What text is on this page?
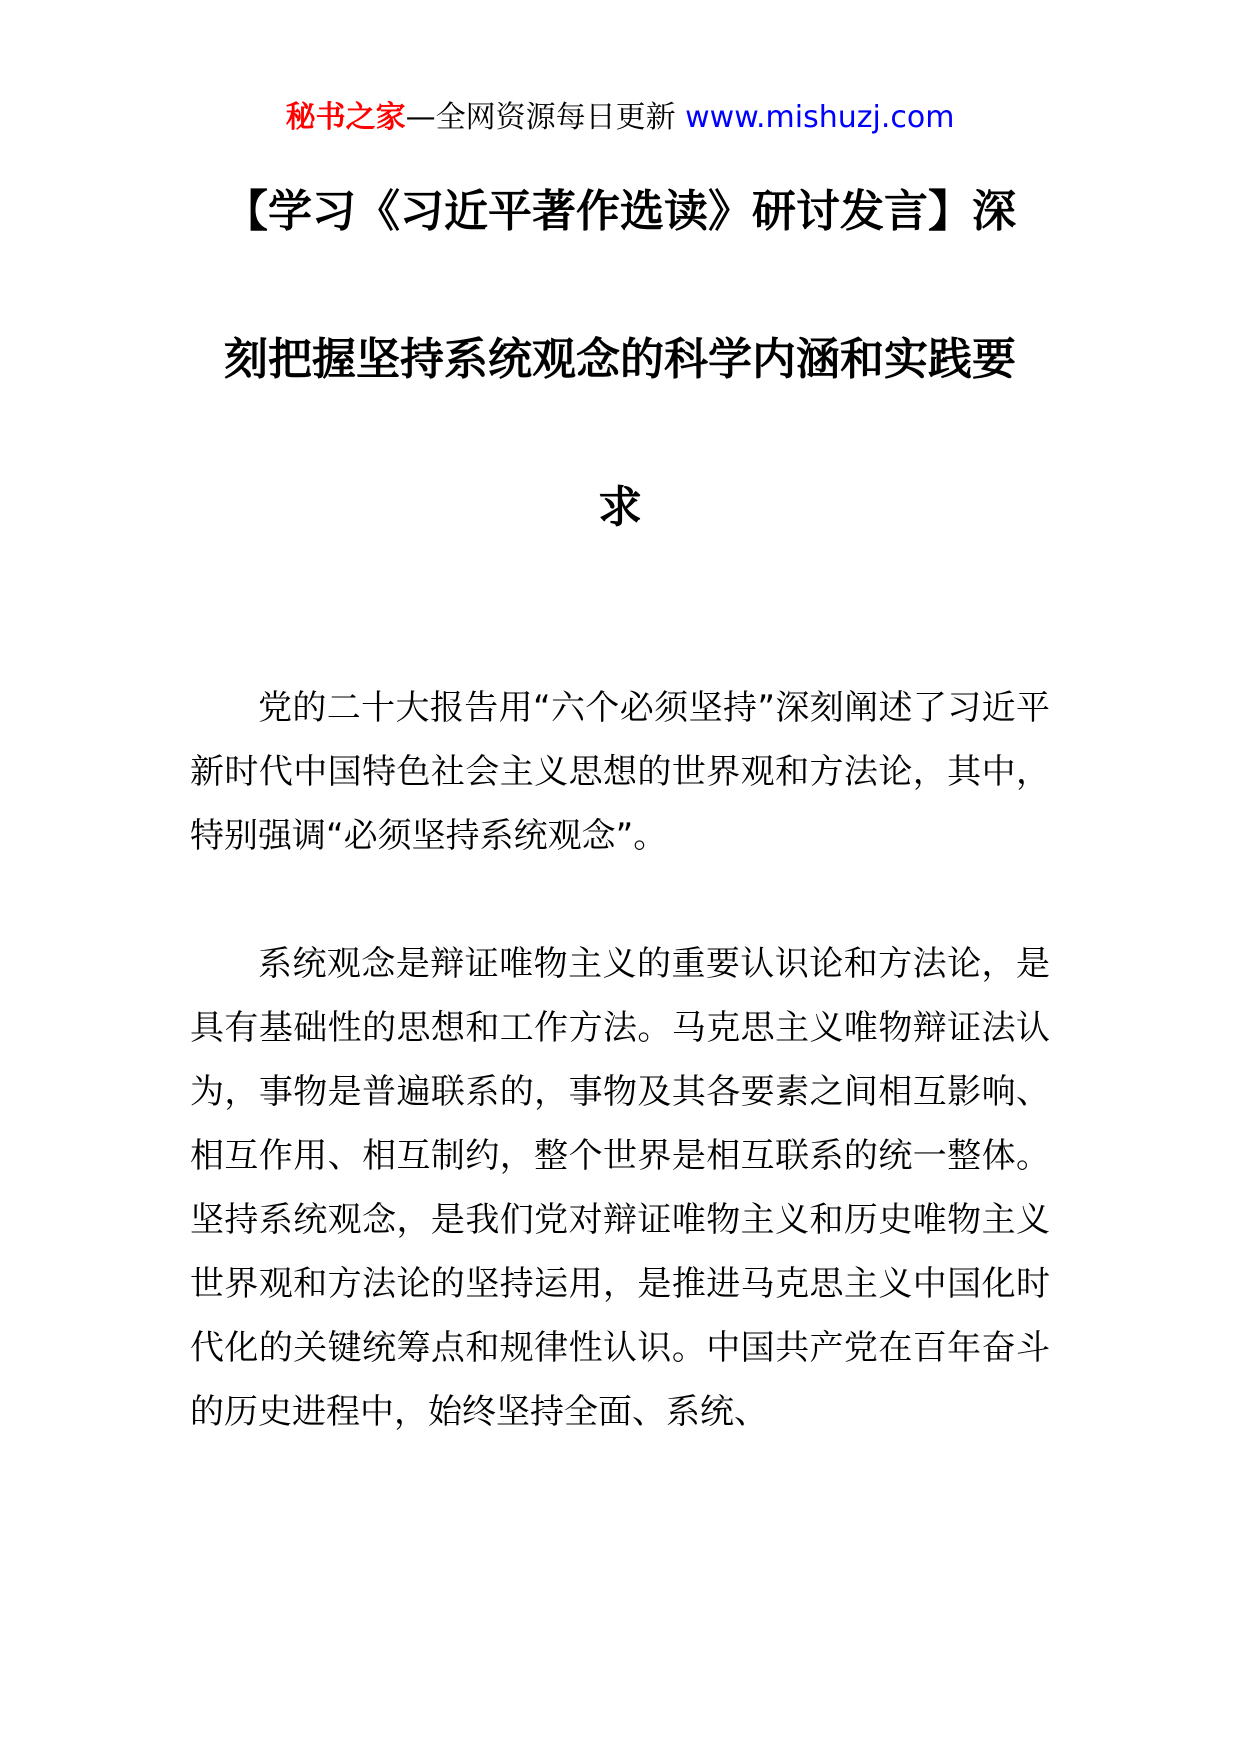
秘书之家—全网资源每日更新 www.mishuzj.com
【学习《习近平著作选读》研讨发言】深
刻把握坚持系统观念的科学内涵和实践要
求

党的二十大报告用“六个必须坚持”深刻阐述了习近平新时代中国特色社会主义思想的世界观和方法论，其中，特别强调“必须坚持系统观念”。

系统观念是辩证唯物主义的重要认识论和方法论，是具有基础性的思想和工作方法。马克思主义唯物辩证法认为，事物是普遍联系的，事物及其各要素之间相互影响、相互作用、相互制约，整个世界是相互联系的统一整体。坚持系统观念，是我们党对辩证唯物主义和历史唯物主义世界观和方法论的坚持运用，是推进马克思主义中国化时代化的关键统筹点和规律性认识。中国共产党在百年奋斗的历史进程中，始终坚持全面、系统、
